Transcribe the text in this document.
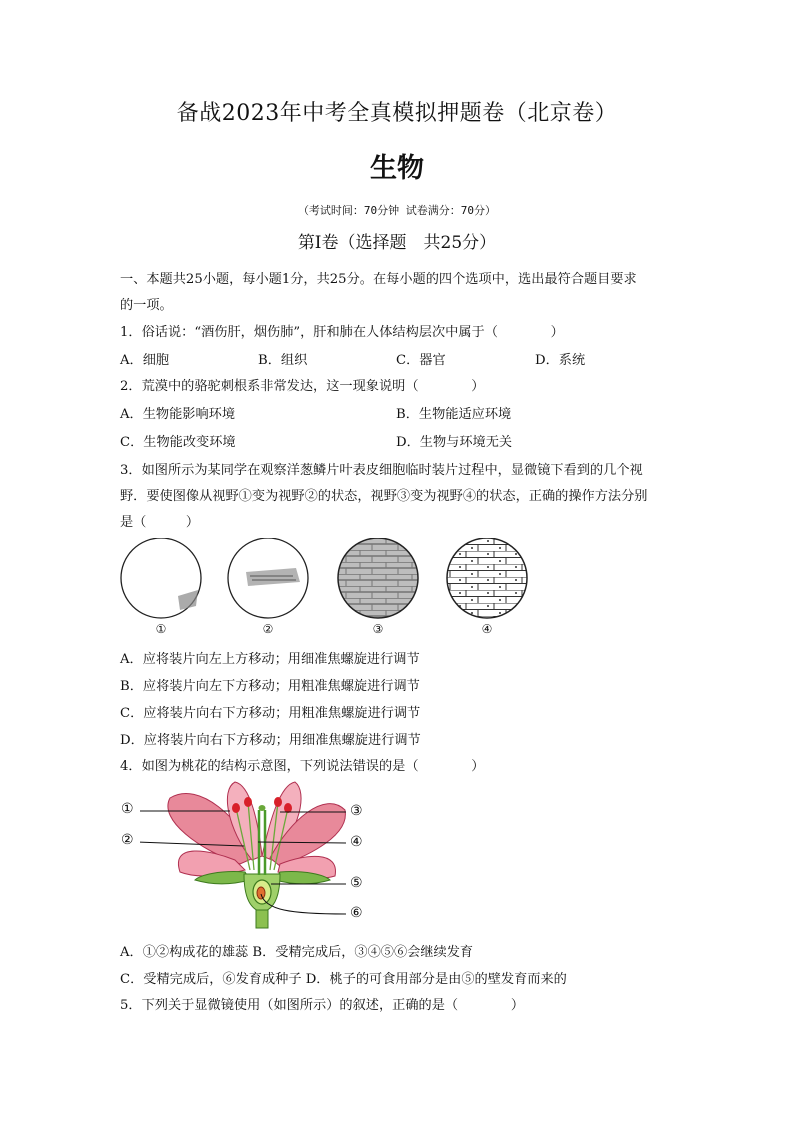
备战2023年中考全真模拟押题卷（北京卷）
生物
（考试时间：70分钟 试卷满分：70分）
第Ⅰ卷（选择题　共25分）
一、本题共25小题，每小题1分，共25分。在每小题的四个选项中，选出最符合题目要求
的一项。
1．俗话说：“酒伤肝，烟伤肺”，肝和肺在人体结构层次中属于（　　　　）
A．细胞	B．组织	C．器官	D．系统
2．荒漠中的骆驼刺根系非常发达，这一现象说明（　　　　）
A．生物能影响环境	B．生物能适应环境
C．生物能改变环境	D．生物与环境无关
3．如图所示为某同学在观察洋葱鳞片叶表皮细胞临时装片过程中，显微镜下看到的几个视
野．要使图像从视野①变为视野②的状态，视野③变为视野④的状态，正确的操作方法分别
是（　　　）
①	②	③	④
A．应将装片向左上方移动；用细准焦螺旋进行调节
B．应将装片向左下方移动；用粗准焦螺旋进行调节
C．应将装片向右下方移动；用粗准焦螺旋进行调节
D．应将装片向右下方移动；用细准焦螺旋进行调节
4．如图为桃花的结构示意图，下列说法错误的是（　　　　）
①
②
③
④
⑤
⑥
A．①②构成花的雄蕊 B．受精完成后，③④⑤⑥会继续发育
C．受精完成后，⑥发育成种子 D．桃子的可食用部分是由⑤的壁发育而来的
5．下列关于显微镜使用（如图所示）的叙述，正确的是（　　　　）
